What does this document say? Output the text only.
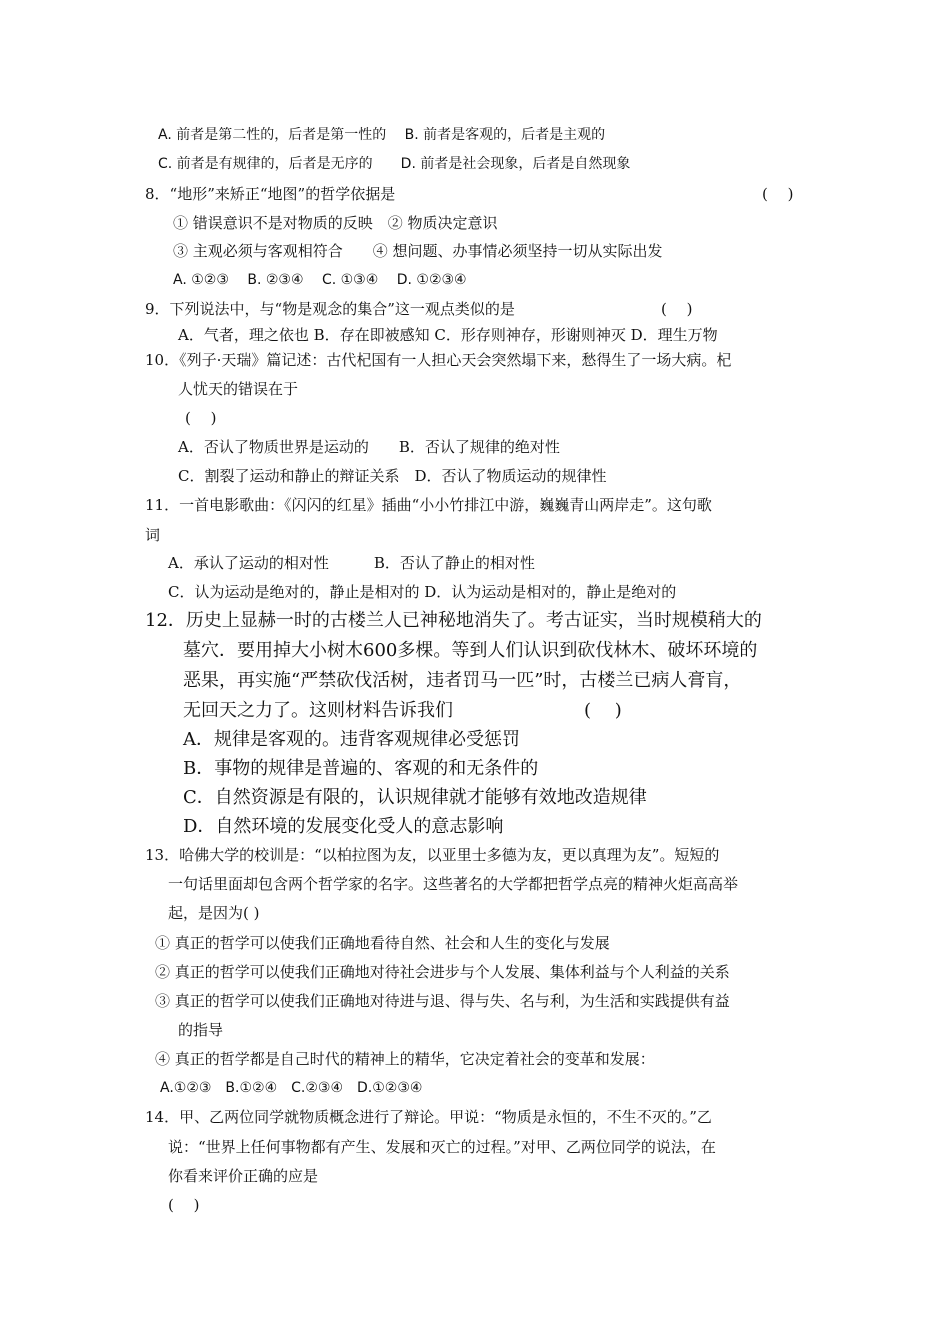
A. 前者是第二性的，后者是第一性的　 B. 前者是客观的，后者是主观的
C. 前者是有规律的，后者是无序的　　D. 前者是社会现象，后者是自然现象
8．“地形”来矫正“地图”的哲学依据是	(　 )
① 错误意识不是对物质的反映　② 物质决定意识
③ 主观必须与客观相符合　　④ 想问题、办事情必须坚持一切从实际出发
A. ①②③　 B. ②③④　 C. ①③④　 D. ①②③④
9．下列说法中，与“物是观念的集合”这一观点类似的是	(　 )
A．气者，理之依也 B．存在即被感知 C．形存则神存，形谢则神灭 D．理生万物
10．《列子·天瑞》篇记述：古代杞国有一人担心天会突然塌下来，愁得生了一场大病。杞
人忧天的错误在于
(　 )
A．否认了物质世界是运动的　　B．否认了规律的绝对性
C．割裂了运动和静止的辩证关系　D．否认了物质运动的规律性
11．一首电影歌曲：《闪闪的红星》插曲“小小竹排江中游，巍巍青山两岸走”。这句歌
词
A．承认了运动的相对性　　　B．否认了静止的相对性
C．认为运动是绝对的，静止是相对的 D．认为运动是相对的，静止是绝对的
12．历史上显赫一时的古楼兰人已神秘地消失了。考古证实，当时规模稍大的
墓穴．要用掉大小树木600多棵。等到人们认识到砍伐林木、破坏环境的
恶果，再实施“严禁砍伐活树，违者罚马一匹”时，古楼兰已病人膏肓，
无回天之力了。这则材料告诉我们	(　 )
A．规律是客观的。违背客观规律必受惩罚
B．事物的规律是普遍的、客观的和无条件的
C．自然资源是有限的，认识规律就才能够有效地改造规律
D．自然环境的发展变化受人的意志影响
13．哈佛大学的校训是：“以柏拉图为友，以亚里士多德为友，更以真理为友”。短短的
一句话里面却包含两个哲学家的名字。这些著名的大学都把哲学点亮的精神火炬高高举
起，是因为( )
① 真正的哲学可以使我们正确地看待自然、社会和人生的变化与发展
② 真正的哲学可以使我们正确地对待社会进步与个人发展、集体利益与个人利益的关系
③ 真正的哲学可以使我们正确地对待进与退、得与失、名与利，为生活和实践提供有益
的指导
④ 真正的哲学都是自己时代的精神上的精华，它决定着社会的变革和发展：
A.①②③　B.①②④　C.②③④　D.①②③④
14．甲、乙两位同学就物质概念进行了辩论。甲说：“物质是永恒的，不生不灭的。”乙
说：“世界上任何事物都有产生、发展和灭亡的过程。”对甲、乙两位同学的说法，在
你看来评价正确的应是
(　 )
